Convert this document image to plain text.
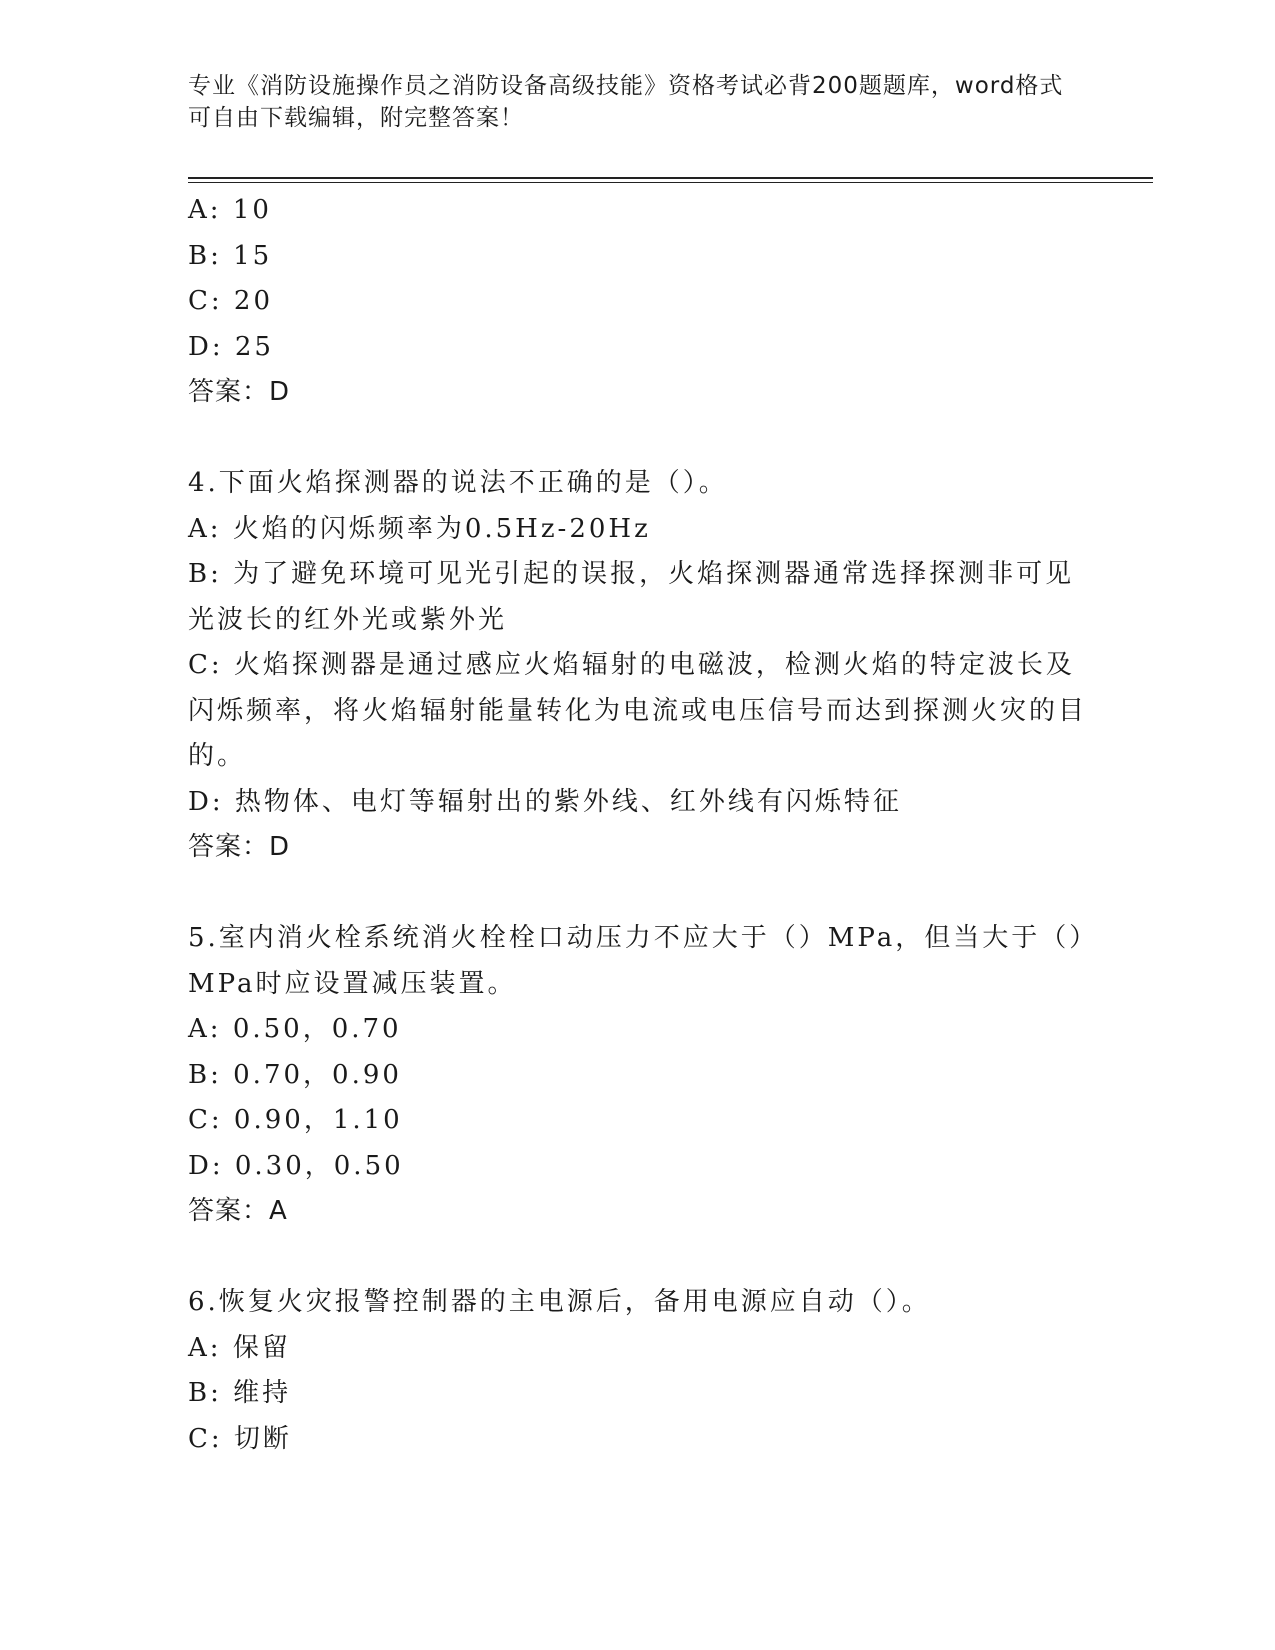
专业《消防设施操作员之消防设备高级技能》资格考试必背200题题库，word格式可自由下载编辑，附完整答案！
A: 10
B: 15
C: 20
D: 25
答案：D
4.下面火焰探测器的说法不正确的是（）。
A: 火焰的闪烁频率为0.5Hz-20Hz
B: 为了避免环境可见光引起的误报，火焰探测器通常选择探测非可见光波长的红外光或紫外光
C: 火焰探测器是通过感应火焰辐射的电磁波，检测火焰的特定波长及闪烁频率，将火焰辐射能量转化为电流或电压信号而达到探测火灾的目的。
D: 热物体、电灯等辐射出的紫外线、红外线有闪烁特征
答案：D
5.室内消火栓系统消火栓栓口动压力不应大于（）MPa，但当大于（）MPa时应设置减压装置。
A: 0.50，0.70
B: 0.70，0.90
C: 0.90，1.10
D: 0.30，0.50
答案：A
6.恢复火灾报警控制器的主电源后，备用电源应自动（）。
A: 保留
B: 维持
C: 切断
